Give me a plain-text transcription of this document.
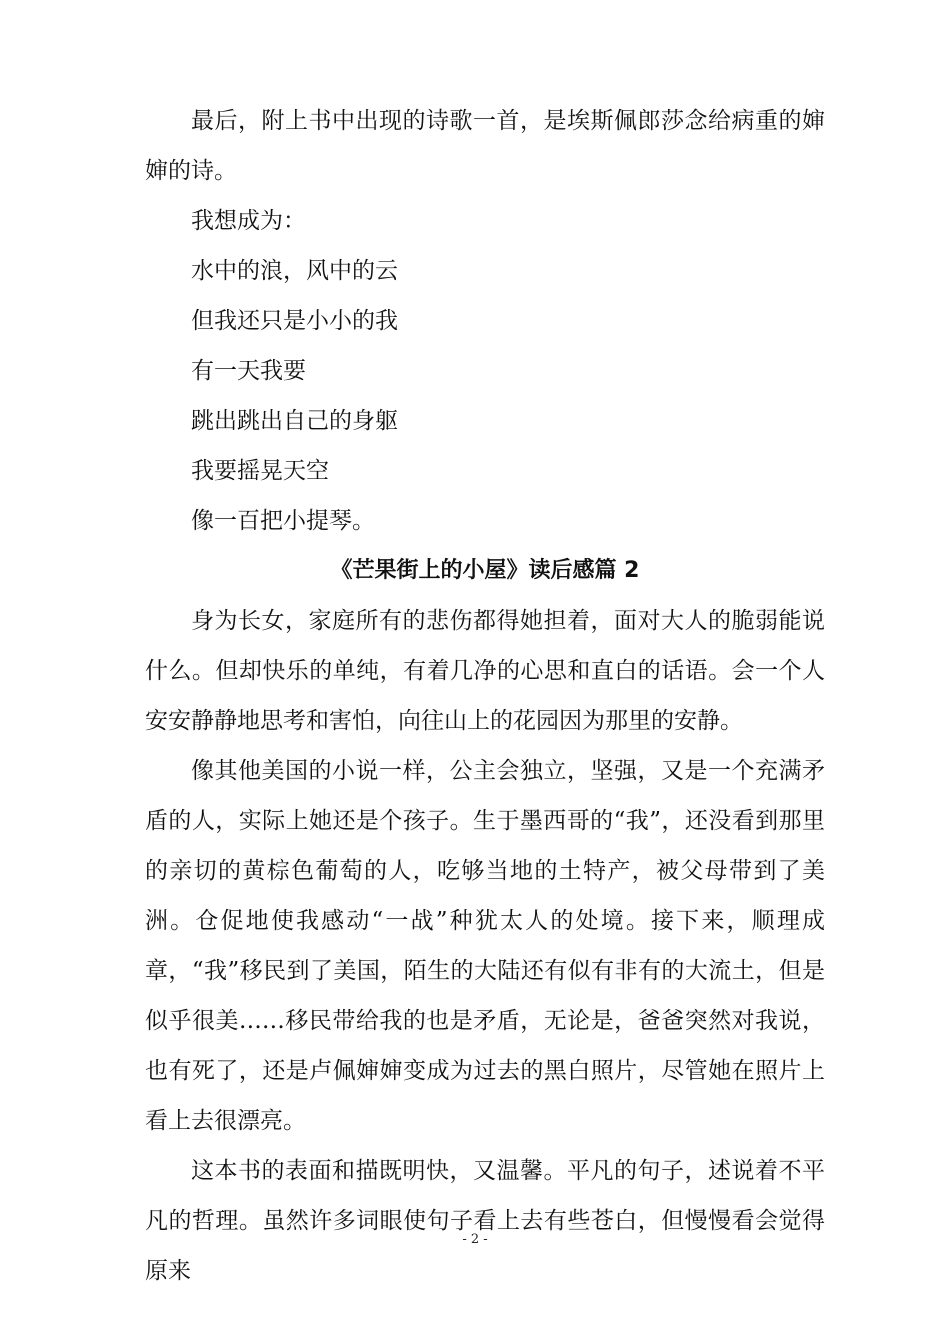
最后，附上书中出现的诗歌一首，是埃斯佩郎莎念给病重的婶婶的诗。

我想成为：

水中的浪，风中的云

但我还只是小小的我

有一天我要

跳出跳出自己的身躯

我要摇晃天空

像一百把小提琴。

《芒果街上的小屋》读后感篇 2

身为长女，家庭所有的悲伤都得她担着，面对大人的脆弱能说什么。但却快乐的单纯，有着几净的心思和直白的话语。会一个人安安静静地思考和害怕，向往山上的花园因为那里的安静。

像其他美国的小说一样，公主会独立，坚强，又是一个充满矛盾的人，实际上她还是个孩子。生于墨西哥的“我”，还没看到那里的亲切的黄棕色葡萄的人，吃够当地的土特产，被父母带到了美洲。仓促地使我感动“一战”种犹太人的处境。接下来，顺理成章，“我”移民到了美国，陌生的大陆还有似有非有的大流土，但是似乎很美……移民带给我的也是矛盾，无论是，爸爸突然对我说，也有死了，还是卢佩婶婶变成为过去的黑白照片，尽管她在照片上看上去很漂亮。

这本书的表面和描既明快，又温馨。平凡的句子，述说着不平凡的哲理。虽然许多词眼使句子看上去有些苍白，但慢慢看会觉得原来

- 2 -
